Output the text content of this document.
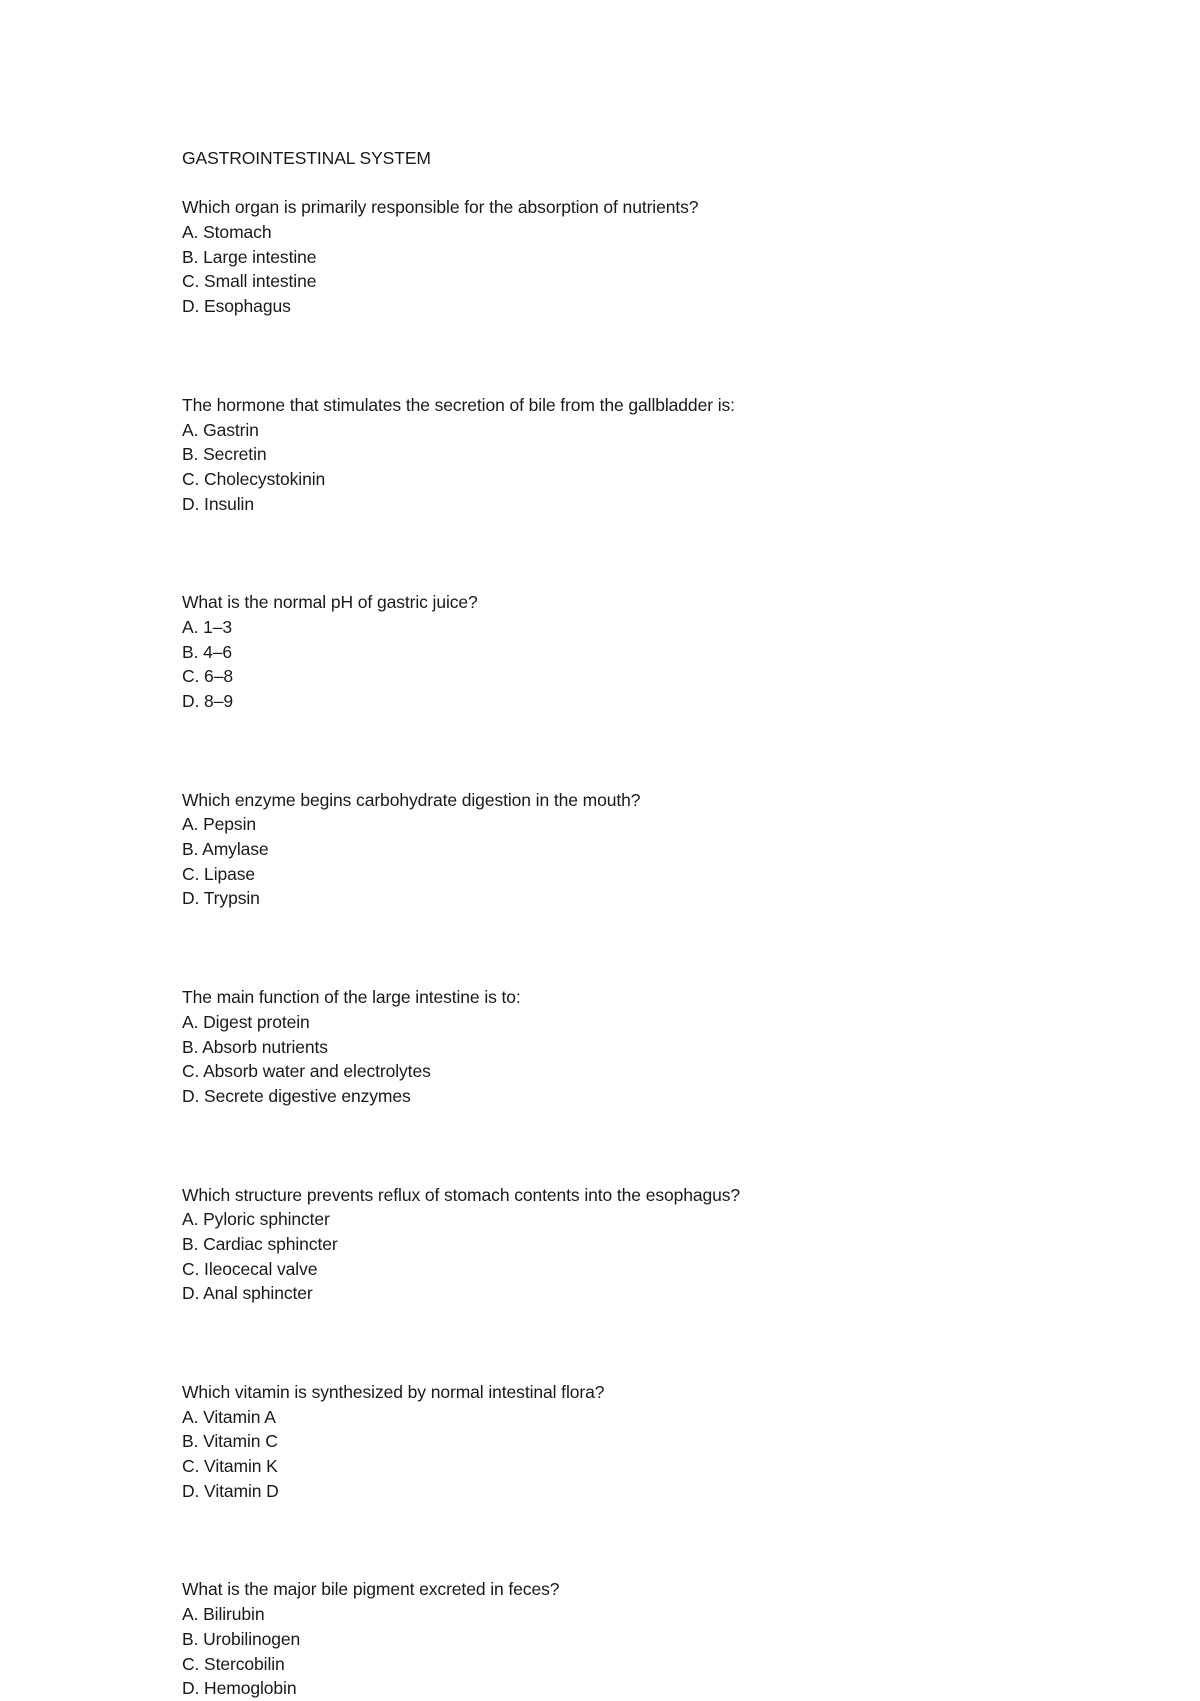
GASTROINTESTINAL SYSTEM
Which organ is primarily responsible for the absorption of nutrients?
A. Stomach
B. Large intestine
C. Small intestine
D. Esophagus
The hormone that stimulates the secretion of bile from the gallbladder is:
A. Gastrin
B. Secretin
C. Cholecystokinin
D. Insulin
What is the normal pH of gastric juice?
A. 1–3
B. 4–6
C. 6–8
D. 8–9
Which enzyme begins carbohydrate digestion in the mouth?
A. Pepsin
B. Amylase
C. Lipase
D. Trypsin
The main function of the large intestine is to:
A. Digest protein
B. Absorb nutrients
C. Absorb water and electrolytes
D. Secrete digestive enzymes
Which structure prevents reflux of stomach contents into the esophagus?
A. Pyloric sphincter
B. Cardiac sphincter
C. Ileocecal valve
D. Anal sphincter
Which vitamin is synthesized by normal intestinal flora?
A. Vitamin A
B. Vitamin C
C. Vitamin K
D. Vitamin D
What is the major bile pigment excreted in feces?
A. Bilirubin
B. Urobilinogen
C. Stercobilin
D. Hemoglobin
